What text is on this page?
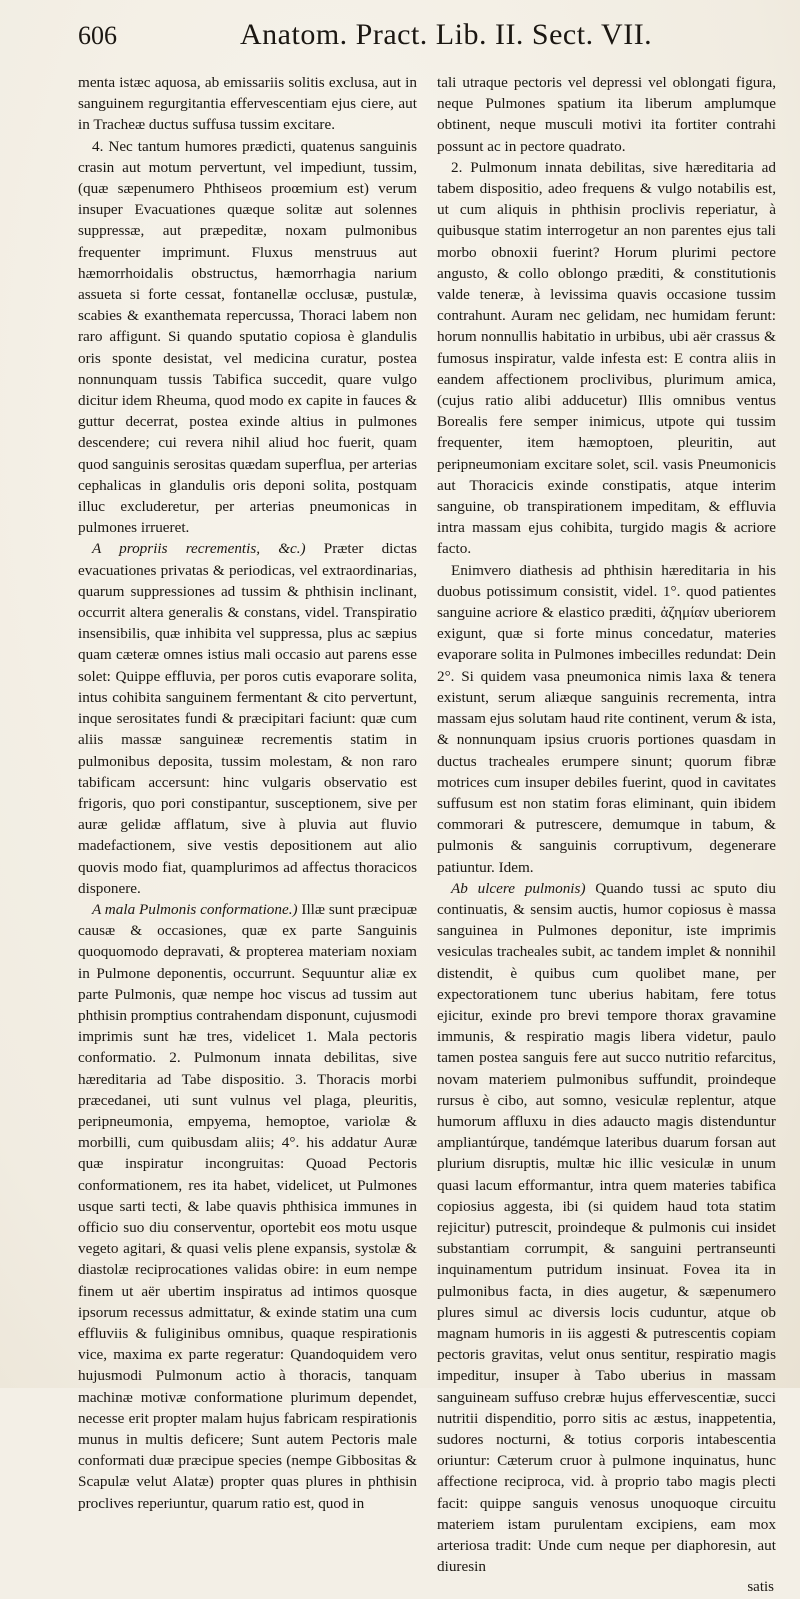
606	Anatom. Pract. Lib. II. Sect. VII.

menta istæc aquosa, ab emissariis solitis exclusa, aut in sanguinem regurgitantia effervescentiam ejus ciere, aut in Tracheæ ductus suffusa tussim excitare.

4. Nec tantum humores prædicti, quatenus sanguinis crasin aut motum pervertunt, vel impediunt, tussim, (quæ sæpenumero Phthiseos proœmium est) verum insuper Evacuationes quæque solitæ aut solennes suppressæ, aut præpeditæ, noxam pulmonibus frequenter imprimunt. Fluxus menstruus aut hæmorrhoidalis obstructus, hæmorrhagia narium assueta si forte cessat, fontanellæ occlusæ, pustulæ, scabies & exanthemata repercussa, Thoraci labem non raro affigunt. Si quando sputatio copiosa è glandulis oris sponte desistat, vel medicina curatur, postea nonnunquam tussis Tabifica succedit, quare vulgo dicitur idem Rheuma, quod modo ex capite in fauces & guttur decerrat, postea exinde altius in pulmones descendere; cui revera nihil aliud hoc fuerit, quam quod sanguinis serositas quædam superflua, per arterias cephalicas in glandulis oris deponi solita, postquam illuc excluderetur, per arterias pneumonicas in pulmones irrueret.

A propriis recrementis, &c.) Præter dictas evacuationes privatas & periodicas, vel extraordinarias, quarum suppressiones ad tussim & phthisin inclinant, occurrit altera generalis & constans, videl. Transpiratio insensibilis, quæ inhibita vel suppressa, plus ac sæpius quam cæteræ omnes istius mali occasio aut parens esse solet: Quippe effluvia, per poros cutis evaporare solita, intus cohibita sanguinem fermentant & cito pervertunt, inque serositates fundi & præcipitari faciunt: quæ cum aliis massæ sanguineæ recrementis statim in pulmonibus deposita, tussim molestam, & non raro tabificam accersunt: hinc vulgaris observatio est frigoris, quo pori constipantur, susceptionem, sive per auræ gelidæ afflatum, sive à pluvia aut fluvio madefactionem, sive vestis depositionem aut alio quovis modo fiat, quamplurimos ad affectus thoracicos disponere.

A mala Pulmonis conformatione.) Illæ sunt præcipuæ causæ & occasiones, quæ ex parte Sanguinis quoquomodo depravati, & propterea materiam noxiam in Pulmone deponentis, occurrunt. Sequuntur aliæ ex parte Pulmonis, quæ nempe hoc viscus ad tussim aut phthisin promptius contrahendam disponunt, cujusmodi imprimis sunt hæ tres, videlicet 1. Mala pectoris conformatio. 2. Pulmonum innata debilitas, sive hæreditaria ad Tabe dispositio. 3. Thoracis morbi præcedanei, uti sunt vulnus vel plaga, pleuritis, peripneumonia, empyema, hemoptoe, variolæ & morbilli, cum quibusdam aliis; 4°. his addatur Auræ quæ inspiratur incongruitas: Quoad Pectoris conformationem, res ita habet, videlicet, ut Pulmones usque sarti tecti, & labe quavis phthisica immunes in officio suo diu conserventur, oportebit eos motu usque vegeto agitari, & quasi velis plene expansis, systolæ & diastolæ reciprocationes validas obire: in eum nempe finem ut aër ubertim inspiratus ad intimos quosque ipsorum recessus admittatur, & exinde statim una cum effluviis & fuliginibus omnibus, quaque respirationis vice, maxima ex parte regeratur: Quandoquidem vero hujusmodi Pulmonum actio à thoracis, tanquam machinæ motivæ conformatione plurimum dependet, necesse erit propter malam hujus fabricam respirationis munus in multis deficere; Sunt autem Pectoris male conformati duæ præcipue species (nempe Gibbositas & Scapulæ velut Alatæ) propter quas plures in phthisin proclives reperiuntur, quarum ratio est, quod in

tali utraque pectoris vel depressi vel oblongati figura, neque Pulmones spatium ita liberum amplumque obtinent, neque musculi motivi ita fortiter contrahi possunt ac in pectore quadrato.

2. Pulmonum innata debilitas, sive hæreditaria ad tabem dispositio, adeo frequens & vulgo notabilis est, ut cum aliquis in phthisin proclivis reperiatur, à quibusque statim interrogetur an non parentes ejus tali morbo obnoxii fuerint? Horum plurimi pectore angusto, & collo oblongo præditi, & constitutionis valde teneræ, à levissima quavis occasione tussim contrahunt. Auram nec gelidam, nec humidam ferunt: horum nonnullis habitatio in urbibus, ubi aër crassus & fumosus inspiratur, valde infesta est: E contra aliis in eandem affectionem proclivibus, plurimum amica, (cujus ratio alibi adducetur) Illis omnibus ventus Borealis fere semper inimicus, utpote qui tussim frequenter, item hæmoptoen, pleuritin, aut peripneumoniam excitare solet, scil. vasis Pneumonicis aut Thoracicis exinde constipatis, atque interim sanguine, ob transpirationem impeditam, & effluvia intra massam ejus cohibita, turgido magis & acriore facto.

Enimvero diathesis ad phthisin hæreditaria in his duobus potissimum consistit, videl. 1°. quod patientes sanguine acriore & elastico præditi, ἀζημίαν uberiorem exigunt, quæ si forte minus concedatur, materies evaporare solita in Pulmones imbecilles redundat: Dein 2°. Si quidem vasa pneumonica nimis laxa & tenera existunt, serum aliæque sanguinis recrementa, intra massam ejus solutam haud rite continent, verum & ista, & nonnunquam ipsius cruoris portiones quasdam in ductus tracheales erumpere sinunt; quorum fibræ motrices cum insuper debiles fuerint, quod in cavitates suffusum est non statim foras eliminant, quin ibidem commorari & putrescere, demumque in tabum, & pulmonis & sanguinis corruptivum, degenerare patiuntur. Idem.

Ab ulcere pulmonis) Quando tussi ac sputo diu continuatis, & sensim auctis, humor copiosus è massa sanguinea in Pulmones deponitur, iste imprimis vesiculas tracheales subit, ac tandem implet & nonnihil distendit, è quibus cum quolibet mane, per expectorationem tunc uberius habitam, fere totus ejicitur, exinde pro brevi tempore thorax gravamine immunis, & respiratio magis libera videtur, paulo tamen postea sanguis fere aut succo nutritio refarcitus, novam materiem pulmonibus suffundit, proindeque rursus è cibo, aut somno, vesiculæ replentur, atque humorum affluxu in dies adaucto magis distenduntur ampliantúrque, tandémque lateribus duarum forsan aut plurium disruptis, multæ hic illic vesiculæ in unum quasi lacum efformantur, intra quem materies tabifica copiosius aggesta, ibi (si quidem haud tota statim rejicitur) putrescit, proindeque & pulmonis cui insidet substantiam corrumpit, & sanguini pertranseunti inquinamentum putridum insinuat. Fovea ita in pulmonibus facta, in dies augetur, & sæpenumero plures simul ac diversis locis cuduntur, atque ob magnam humoris in iis aggesti & putrescentis copiam pectoris gravitas, velut onus sentitur, respiratio magis impeditur, insuper à Tabo uberius in massam sanguineam suffuso crebræ hujus effervescentiæ, succi nutritii dispenditio, porro sitis ac æstus, inappetentia, sudores nocturni, & totius corporis intabescentia oriuntur: Cæterum cruor à pulmone inquinatus, hunc affectione reciproca, vid. à proprio tabo magis plecti facit: quippe sanguis venosus unoquoque circuitu materiem istam purulentam excipiens, eam mox arteriosa tradit: Unde cum neque per diaphoresin, aut diuresin

satis
